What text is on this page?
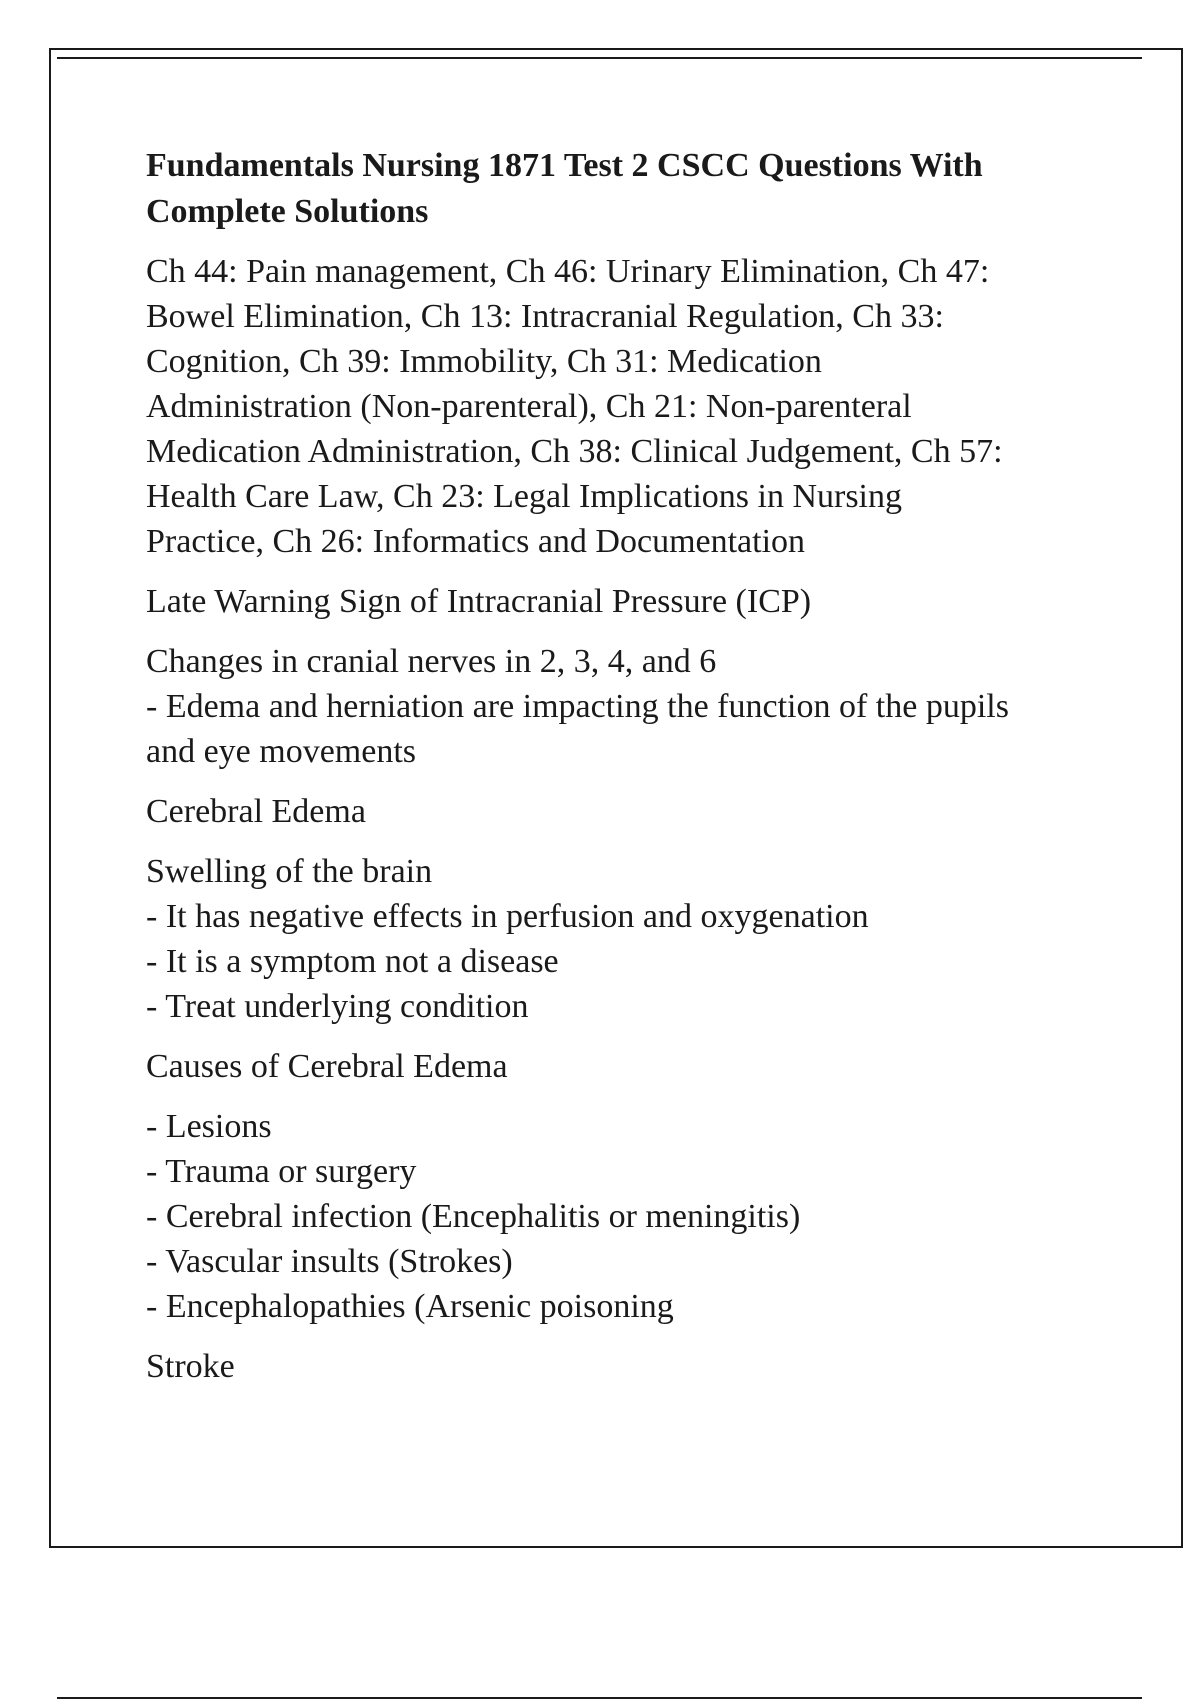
Fundamentals Nursing 1871 Test 2 CSCC Questions With
Complete Solutions
Ch 44: Pain management, Ch 46: Urinary Elimination, Ch 47:
Bowel Elimination, Ch 13: Intracranial Regulation, Ch 33:
Cognition, Ch 39: Immobility, Ch 31: Medication
Administration (Non-parenteral), Ch 21: Non-parenteral
Medication Administration, Ch 38: Clinical Judgement, Ch 57:
Health Care Law, Ch 23: Legal Implications in Nursing
Practice, Ch 26: Informatics and Documentation
Late Warning Sign of Intracranial Pressure (ICP)
Changes in cranial nerves in 2, 3, 4, and 6
- Edema and herniation are impacting the function of the pupils
and eye movements
Cerebral Edema
Swelling of the brain
- It has negative effects in perfusion and oxygenation
- It is a symptom not a disease
- Treat underlying condition
Causes of Cerebral Edema
- Lesions
- Trauma or surgery
- Cerebral infection (Encephalitis or meningitis)
- Vascular insults (Strokes)
- Encephalopathies (Arsenic poisoning
Stroke
